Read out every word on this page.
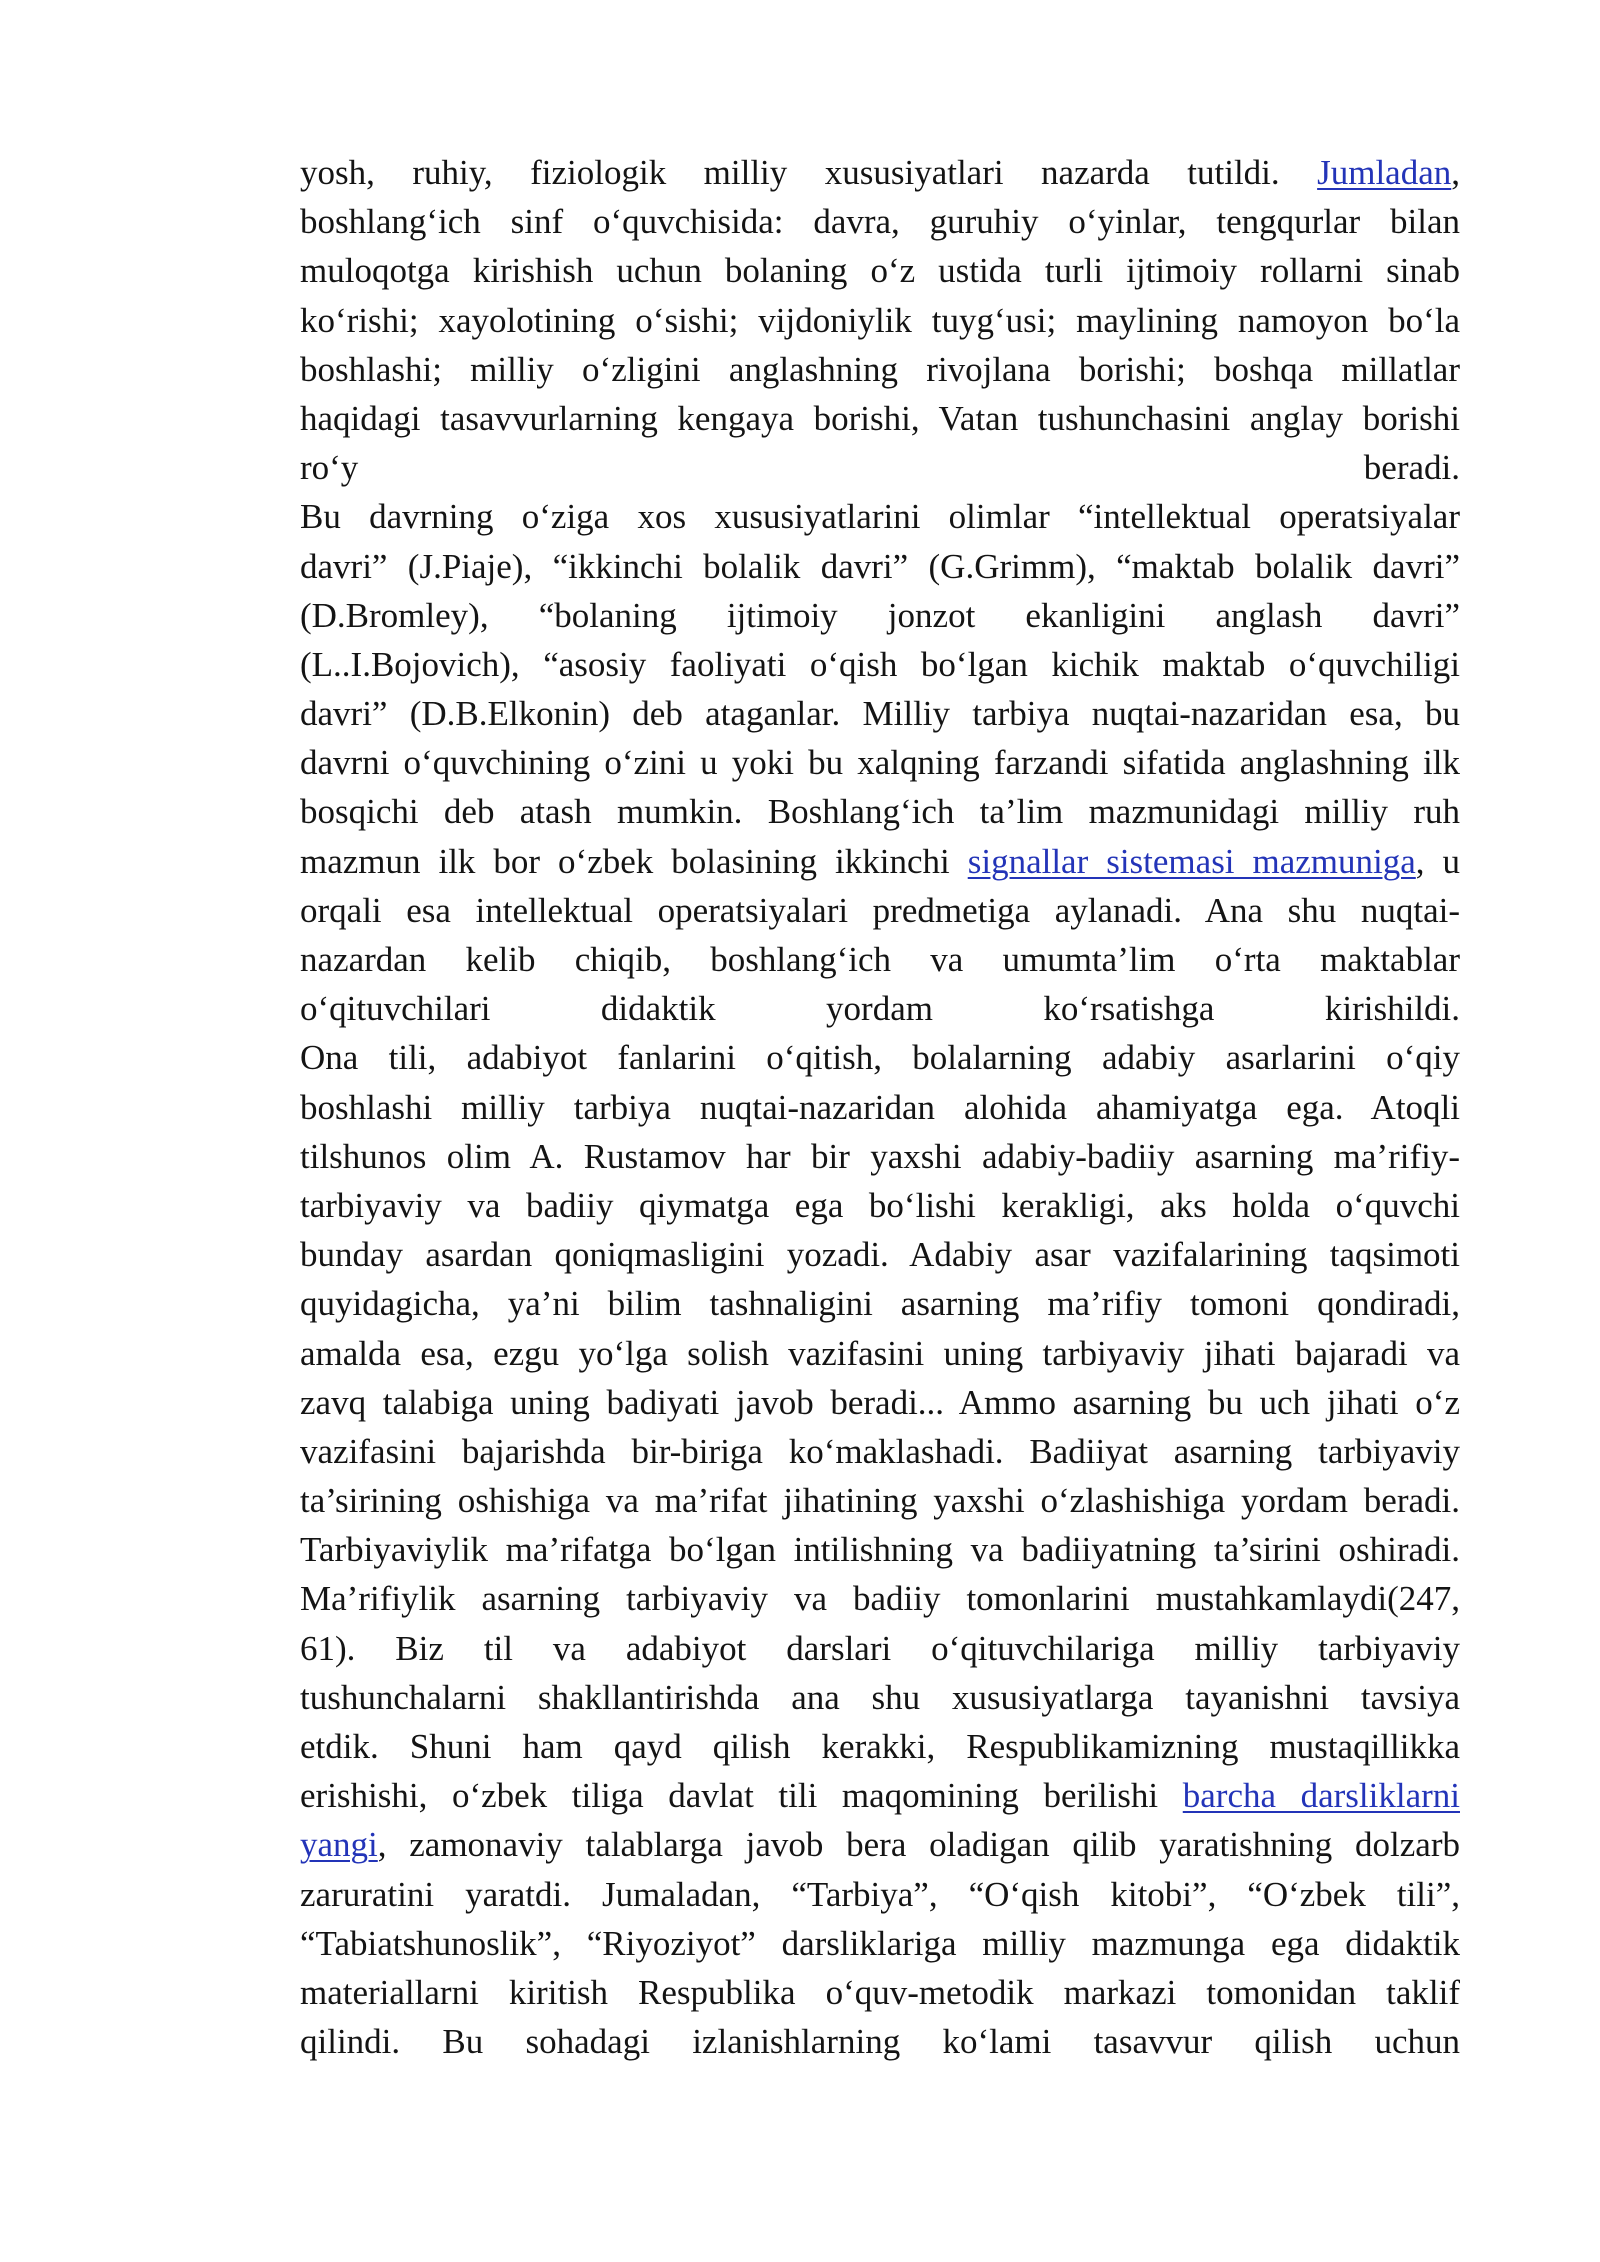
yosh, ruhiy, fiziologik milliy xususiyatlari nazarda tutildi. Jumladan,
boshlang‘ich sinf o‘quvchisida: davra, guruhiy o‘yinlar, tengqurlar bilan
muloqotga kirishish uchun bolaning o‘z ustida turli ijtimoiy rollarni sinab
ko‘rishi; xayolotining o‘sishi; vijdoniylik tuyg‘usi; maylining namoyon bo‘la
boshlashi; milliy o‘zligini anglashning rivojlana borishi; boshqa millatlar
haqidagi tasavvurlarning kengaya borishi, Vatan tushunchasini anglay borishi
ro‘y beradi.
Bu davrning o‘ziga xos xususiyatlarini olimlar “intellektual operatsiyalar
davri” (J.Piaje), “ikkinchi bolalik davri” (G.Grimm), “maktab bolalik davri”
(D.Bromley), “bolaning ijtimoiy jonzot ekanligini anglash davri”
(L..I.Bojovich), “asosiy faoliyati o‘qish bo‘lgan kichik maktab o‘quvchiligi
davri” (D.B.Elkonin) deb ataganlar. Milliy tarbiya nuqtai-nazaridan esa, bu
davrni o‘quvchining o‘zini u yoki bu xalqning farzandi sifatida anglashning ilk
bosqichi deb atash mumkin. Boshlang‘ich ta’lim mazmunidagi milliy ruh
mazmun ilk bor o‘zbek bolasining ikkinchi signallar sistemasi mazmuniga, u
orqali esa intellektual operatsiyalari predmetiga aylanadi. Ana shu nuqtai-
nazardan kelib chiqib, boshlang‘ich va umumta’lim o‘rta maktablar
o‘qituvchilari didaktik yordam ko‘rsatishga kirishildi.
Ona tili, adabiyot fanlarini o‘qitish, bolalarning adabiy asarlarini o‘qiy
boshlashi milliy tarbiya nuqtai-nazaridan alohida ahamiyatga ega. Atoqli
tilshunos olim A. Rustamov har bir yaxshi adabiy-badiiy asarning ma’rifiy-
tarbiyaviy va badiiy qiymatga ega bo‘lishi kerakligi, aks holda o‘quvchi
bunday asardan qoniqmasligini yozadi. Adabiy asar vazifalarining taqsimoti
quyidagicha, ya’ni bilim tashnaligini asarning ma’rifiy tomoni qondiradi,
amalda esa, ezgu yo‘lga solish vazifasini uning tarbiyaviy jihati bajaradi va
zavq talabiga uning badiyati javob beradi... Ammo asarning bu uch jihati o‘z
vazifasini bajarishda bir-biriga ko‘maklashadi. Badiiyat asarning tarbiyaviy
ta’sirining oshishiga va ma’rifat jihatining yaxshi o‘zlashishiga yordam beradi.
Tarbiyaviylik ma’rifatga bo‘lgan intilishning va badiiyatning ta’sirini oshiradi.
Ma’rifiylik asarning tarbiyaviy va badiiy tomonlarini mustahkamlaydi(247,
61). Biz til va adabiyot darslari o‘qituvchilariga milliy tarbiyaviy
tushunchalarni shakllantirishda ana shu xususiyatlarga tayanishni tavsiya
etdik. Shuni ham qayd qilish kerakki, Respublikamizning mustaqillikka
erishishi, o‘zbek tiliga davlat tili maqomining berilishi barcha darsliklarni
yangi, zamonaviy talablarga javob bera oladigan qilib yaratishning dolzarb
zaruratini yaratdi. Jumaladan, “Tarbiya”, “O‘qish kitobi”, “O‘zbek tili”,
“Tabiatshunoslik”, “Riyoziyot” darsliklariga milliy mazmunga ega didaktik
materiallarni kiritish Respublika o‘quv-metodik markazi tomonidan taklif
qilindi. Bu sohadagi izlanishlarning ko‘lami tasavvur qilish uchun
